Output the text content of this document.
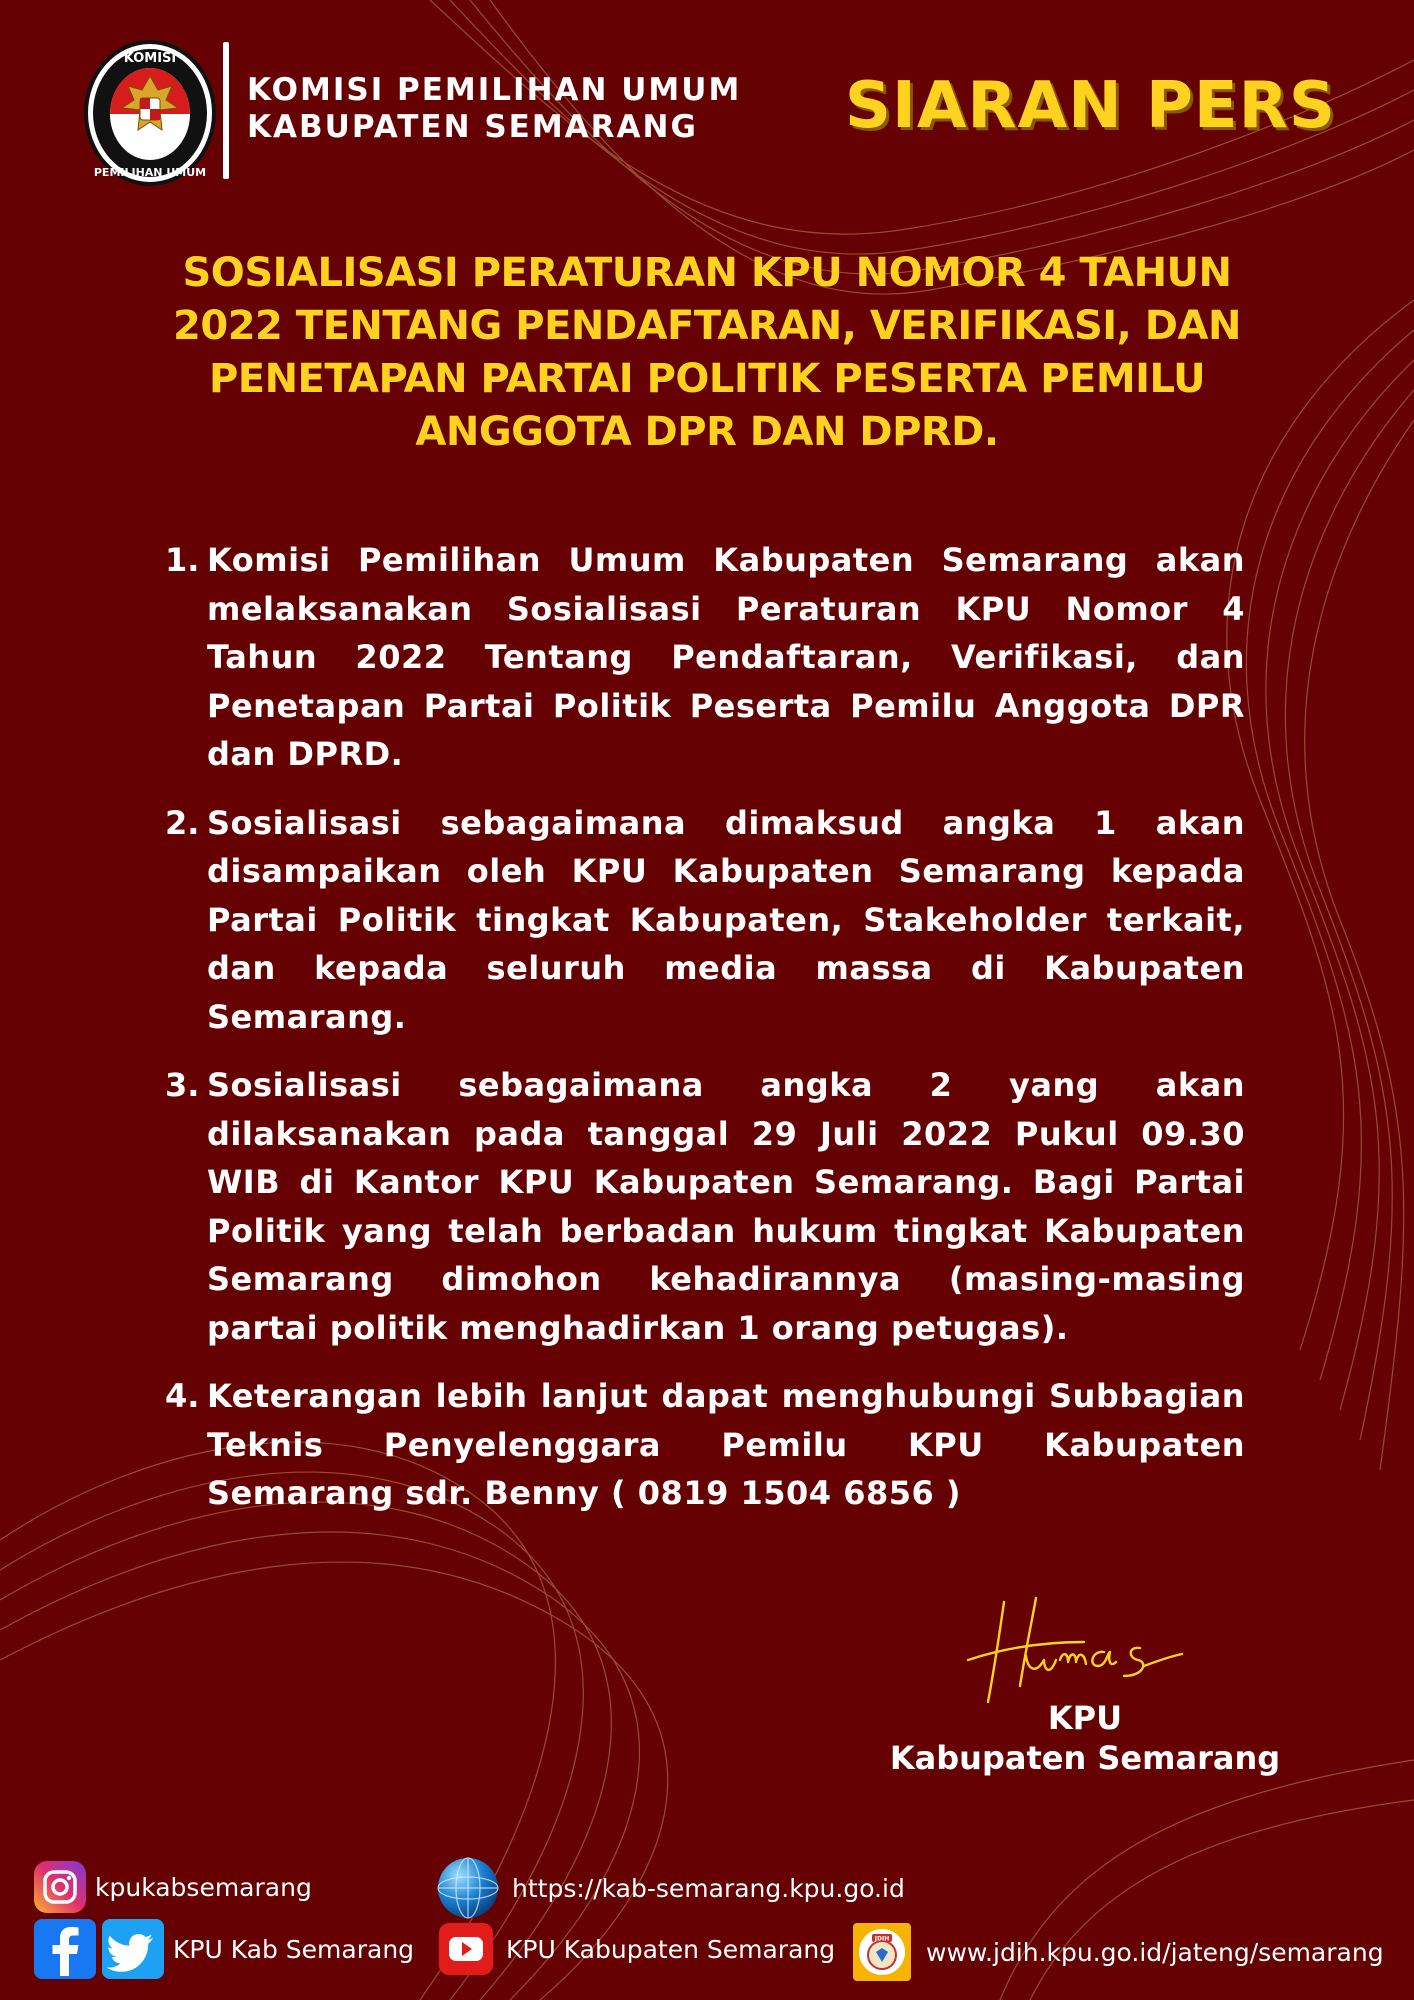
KOMISI
PEMILIHAN UMUM
KOMISI PEMILIHAN UMUM
KABUPATEN SEMARANG	SIARAN PERS
SOSIALISASI PERATURAN KPU NOMOR 4 TAHUN
2022 TENTANG PENDAFTARAN, VERIFIKASI, DAN
PENETAPAN PARTAI POLITIK PESERTA PEMILU
ANGGOTA DPR DAN DPRD.
1. Komisi Pemilihan Umum Kabupaten Semarang akan melaksanakan Sosialisasi Peraturan KPU Nomor 4 Tahun 2022 Tentang Pendaftaran, Verifikasi, dan Penetapan Partai Politik Peserta Pemilu Anggota DPR dan DPRD.
2. Sosialisasi sebagaimana dimaksud angka 1 akan disampaikan oleh KPU Kabupaten Semarang kepada Partai Politik tingkat Kabupaten, Stakeholder terkait, dan kepada seluruh media massa di Kabupaten Semarang.
3. Sosialisasi sebagaimana angka 2 yang akan dilaksanakan pada tanggal 29 Juli 2022 Pukul 09.30 WIB di Kantor KPU Kabupaten Semarang. Bagi Partai Politik yang telah berbadan hukum tingkat Kabupaten Semarang dimohon kehadirannya (masing-masing partai politik menghadirkan 1 orang petugas).
4. Keterangan lebih lanjut dapat menghubungi Subbagian Teknis Penyelenggara Pemilu KPU Kabupaten Semarang sdr. Benny ( 0819 1504 6856 )
KPU
Kabupaten Semarang
kpukabsemarang	https://kab-semarang.kpu.go.id
KPU Kab Semarang	KPU Kabupaten Semarang	JDIH www.jdih.kpu.go.id/jateng/semarang
